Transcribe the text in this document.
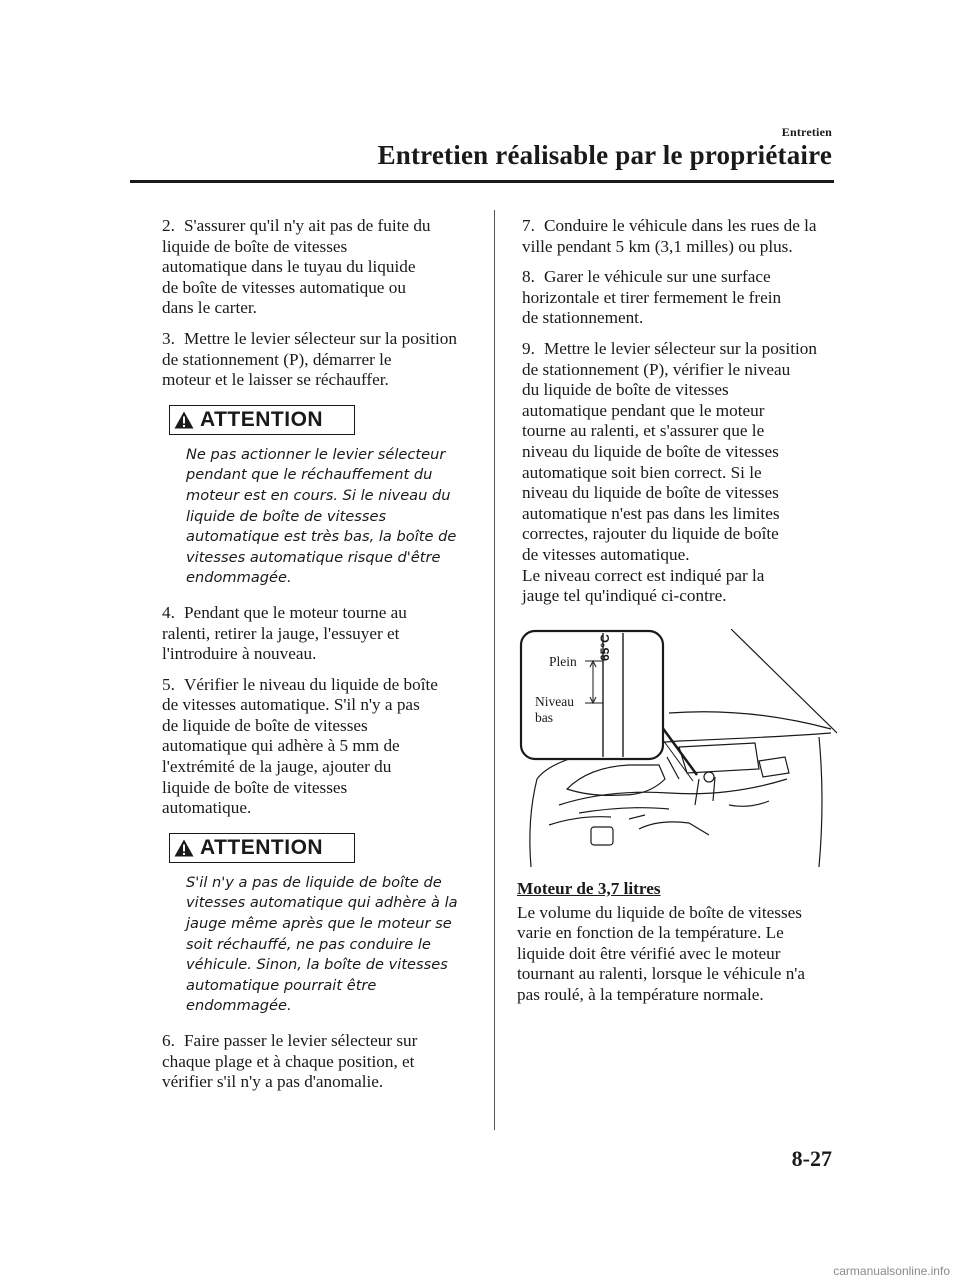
Entretien
Entretien réalisable par le propriétaire
2. S'assurer qu'il n'y ait pas de fuite du
liquide de boîte de vitesses
automatique dans le tuyau du liquide
de boîte de vitesses automatique ou
dans le carter.
3. Mettre le levier sélecteur sur la position
de stationnement (P), démarrer le
moteur et le laisser se réchauffer.
ATTENTION
Ne pas actionner le levier sélecteur
pendant que le réchauffement du
moteur est en cours. Si le niveau du
liquide de boîte de vitesses
automatique est très bas, la boîte de
vitesses automatique risque d'être
endommagée.
4. Pendant que le moteur tourne au
ralenti, retirer la jauge, l'essuyer et
l'introduire à nouveau.
5. Vérifier le niveau du liquide de boîte
de vitesses automatique. S'il n'y a pas
de liquide de boîte de vitesses
automatique qui adhère à 5 mm de
l'extrémité de la jauge, ajouter du
liquide de boîte de vitesses
automatique.
ATTENTION
S'il n'y a pas de liquide de boîte de
vitesses automatique qui adhère à la
jauge même après que le moteur se
soit réchauffé, ne pas conduire le
véhicule. Sinon, la boîte de vitesses
automatique pourrait être
endommagée.
6. Faire passer le levier sélecteur sur
chaque plage et à chaque position, et
vérifier s'il n'y a pas d'anomalie.
7. Conduire le véhicule dans les rues de la
ville pendant 5 km (3,1 milles) ou plus.
8. Garer le véhicule sur une surface
horizontale et tirer fermement le frein
de stationnement.
9. Mettre le levier sélecteur sur la position
de stationnement (P), vérifier le niveau
du liquide de boîte de vitesses
automatique pendant que le moteur
tourne au ralenti, et s'assurer que le
niveau du liquide de boîte de vitesses
automatique soit bien correct. Si le
niveau du liquide de boîte de vitesses
automatique n'est pas dans les limites
correctes, rajouter du liquide de boîte
de vitesses automatique.
Le niveau correct est indiqué par la
jauge tel qu'indiqué ci-contre.
Plein
Niveau
bas
65°C
Moteur de 3,7 litres
Le volume du liquide de boîte de vitesses
varie en fonction de la température. Le
liquide doit être vérifié avec le moteur
tournant au ralenti, lorsque le véhicule n'a
pas roulé, à la température normale.
8-27
carmanualsonline.info
